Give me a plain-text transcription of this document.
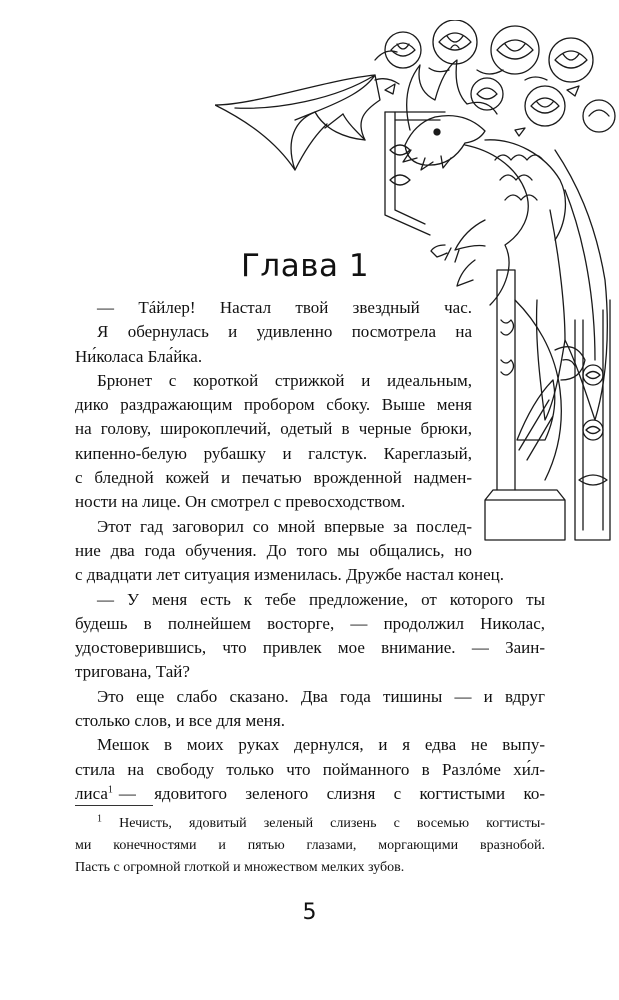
Глава 1
— Тáйлер! Настал твой звездный час.
Я обернулась и удивленно посмотрела на
Ни́коласа Бла́йка.
Брюнет с короткой стрижкой и идеальным,
дико раздражающим пробором сбоку. Выше меня
на голову, широкоплечий, одетый в черные брюки,
кипенно-белую рубашку и галстук. Кареглазый,
с бледной кожей и печатью врожденной надмен-
ности на лице. Он смотрел с превосходством.
Этот гад заговорил со мной впервые за послед-
ние два года обучения. До того мы общались, но
с двадцати лет ситуация изменилась. Дружбе настал конец.
— У меня есть к тебе предложение, от которого ты
будешь в полнейшем восторге, — продолжил Николас,
удостоверившись, что привлек мое внимание. — Заин-
тригована, Тай?
Это еще слабо сказано. Два года тишины — и вдруг
столько слов, и все для меня.
Мешок в моих руках дернулся, и я едва не выпу-
стила на свободу только что пойманного в Разлóме хи́л-
лиса$^1$ — ядовитого зеленого слизня с когтистыми ко-
$^1$ Нечисть, ядовитый зеленый слизень с восемью когтисты-
ми конечностями и пятью глазами, моргающими вразнобой.
Пасть с огромной глоткой и множеством мелких зубов.
5
